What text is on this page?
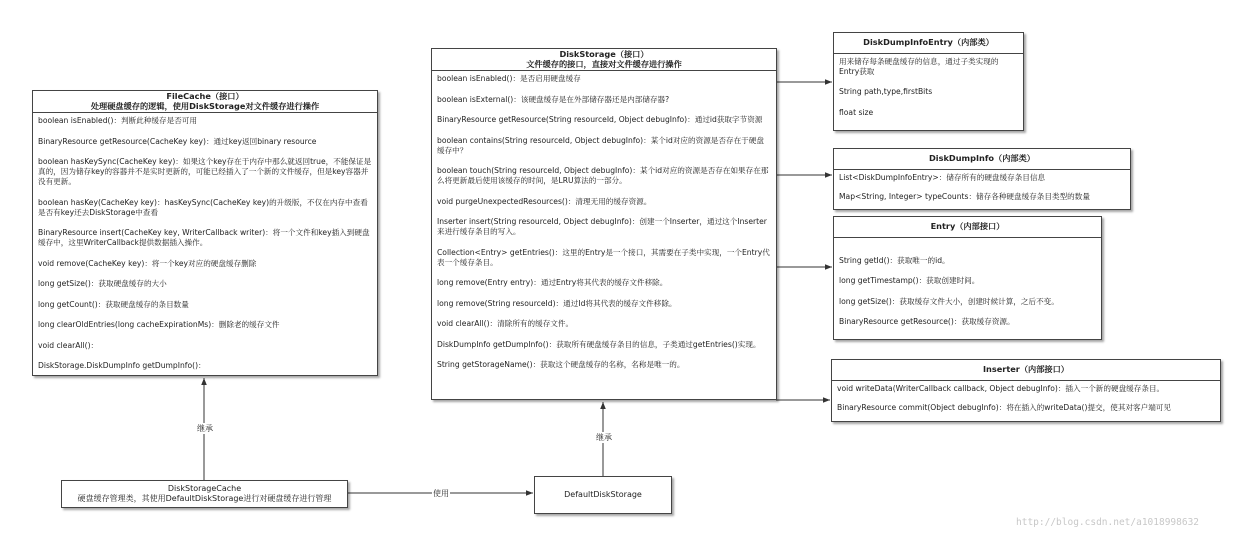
FileCache（接口）
处理硬盘缓存的逻辑，使用DiskStorage对文件缓存进行操作
boolean isEnabled()：判断此种缓存是否可用
BinaryResource getResource(CacheKey key)：通过key返回binary resource
boolean hasKeySync(CacheKey key)：如果这个key存在于内存中那么就返回true，不能保证是真的，因为储存key的容器并不是实时更新的，可能已经插入了一个新的文件缓存，但是key容器并没有更新。
boolean hasKey(CacheKey key)：hasKeySync(CacheKey key)的升级版，不仅在内存中查看是否有key还去DiskStorage中查看
BinaryResource insert(CacheKey key, WriterCallback writer)：将一个文件和key插入到硬盘缓存中，这里WriterCallback提供数据插入操作。
void remove(CacheKey key)：将一个key对应的硬盘缓存删除
long getSize()：获取硬盘缓存的大小
long getCount()：获取硬盘缓存的条目数量
long clearOldEntries(long cacheExpirationMs)：删除老的缓存文件
void clearAll()：
DiskStorage.DiskDumpInfo getDumpInfo()：
DiskStorage（接口）
文件缓存的接口，直接对文件缓存进行操作
boolean isEnabled()：是否启用硬盘缓存
boolean isExternal()：该硬盘缓存是在外部储存器还是内部储存器?
BinaryResource getResource(String resourceId, Object debugInfo)：通过id获取字节资源
boolean contains(String resourceId, Object debugInfo)：某个id对应的资源是否存在于硬盘缓存中？
boolean touch(String resourceId, Object debugInfo)：某个id对应的资源是否存在如果存在那么将更新最后使用该缓存的时间，是LRU算法的一部分。
void purgeUnexpectedResources()：清理无用的缓存资源。
Inserter insert(String resourceId, Object debugInfo)：创建一个Inserter，通过这个Inserter来进行缓存条目的写入。
Collection<Entry> getEntries()：这里的Entry是一个接口，其需要在子类中实现，一个Entry代表一个缓存条目。
long remove(Entry entry)：通过Entry将其代表的缓存文件移除。
long remove(String resourceId)：通过Id将其代表的缓存文件移除。
void clearAll()：清除所有的缓存文件。
DiskDumpInfo getDumpInfo()：获取所有硬盘缓存条目的信息，子类通过getEntries()实现。
String getStorageName()：获取这个硬盘缓存的名称，名称是唯一的。
DiskDumpInfoEntry（内部类）
用来储存每条硬盘缓存的信息，通过子类实现的Entry获取
String path,type,firstBits
float size
DiskDumpInfo（内部类）
List<DiskDumpInfoEntry>：储存所有的硬盘缓存条目信息
Map<String, Integer> typeCounts：储存各种硬盘缓存条目类型的数量
Entry（内部接口）
String getId()：获取唯一的id。
long getTimestamp()：获取创建时间。
long getSize()：获取缓存文件大小，创建时候计算，之后不变。
BinaryResource getResource()：获取缓存资源。
Inserter（内部接口）
void writeData(WriterCallback callback, Object debugInfo)：插入一个新的硬盘缓存条目。
BinaryResource commit(Object debugInfo)：将在插入的writeData()提交，使其对客户端可见
DiskStorageCache
硬盘缓存管理类，其使用DefaultDiskStorage进行对硬盘缓存进行管理	DefaultDiskStorage
继承
继承
使用
http://blog.csdn.net/a1018998632
